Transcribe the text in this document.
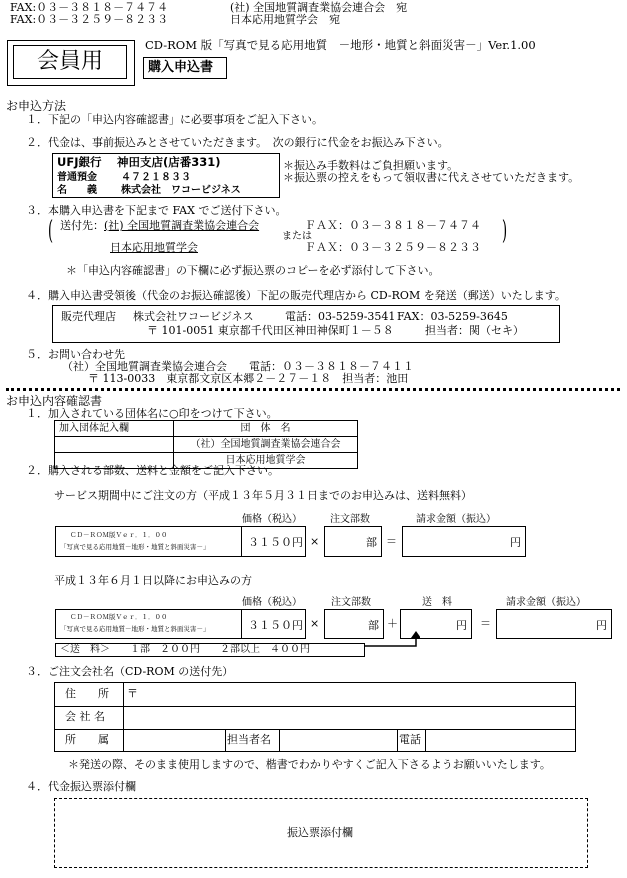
FAX:０３－３８１８－７４７４	(社) 全国地質調査業協会連合会　宛
FAX:０３－３２５９－８２３３	日本応用地質学会　宛
会員用
CD-ROM 版「写真で見る応用地質　－地形・地質と斜面災害－」Ver.1.00
購入申込書
お申込方法
１．下記の「申込内容確認書」に必要事項をご記入下さい。
２．代金は、事前振込みとさせていただきます。　次の銀行に代金をお振込み下さい。
UFJ銀行　 神田支店(店番331)
普通預金 ４７２１８３３
名　　義 株式会社　ワコービジネス
＊振込み手数料はご負担願います。
＊振込票の控えをもって領収書に代えさせていただきます。
３．本購入申込書を下記まで FAX でご送付下さい。
( 送付先： (社) 全国地質調査業協会連合会	ＦＡＸ：０３－３８１８－７４７４
または
日本応用地質学会	ＦＡＸ：０３－３２５９－８２３３
)
＊「申込内容確認書」の下欄に必ず振込票のコピーを必ず添付して下さい。
４．購入申込書受領後（代金のお振込確認後）下記の販売代理店から CD-ROM を発送（郵送）いたします。
販売代理店 株式会社ワコービジネス	電話：03-5259-3541 FAX：03-5259-3645
〒 101-0051 東京都千代田区神田神保町１－５８	担当者：関（セキ）
５．お問い合わせ先
（社）全国地質調査業協会連合会　　電話：０３－３８１８－７４１１
〒 113-0033　東京都文京区本郷２－２７－１８　担当者：池田
お申込内容確認書
１．加入されている団体名に○印をつけて下さい。
加入団体記入欄	団　体　名
	（社）全国地質調査業協会連合会
	日本応用地質学会
２．購入される部数、送料と金額をご記入下さい。
サービス期間中にご注文の方（平成１３年５月３１日までのお申込みは、送料無料）
価格（税込）	注文部数	請求金額（振込）
ＣＤ－ＲＯＭ版Ｖｅｒ．１．００
「写真で見る応用地質－地形・地質と斜面災害－」	３１５０円 ×	部 ＝	円
平成１３年６月１日以降にお申込みの方
価格（税込）	注文部数	送　料	請求金額（振込）
ＣＤ－ＲＯＭ版Ｖｅｒ．１．００
「写真で見る応用地質－地形・地質と斜面災害－」	３１５０円 ×	部 ＋	円 ＝	円
＜送　料＞　　１部　２００円　　２部以上　４００円
３．ご注文会社名（CD-ROM の送付先）
住　　所 〒
会 社 名
所　　属	担当者名	電話
＊発送の際、そのまま使用しますので、楷書でわかりやすくご記入下さるようお願いいたします。
４．代金振込票添付欄
振込票添付欄
